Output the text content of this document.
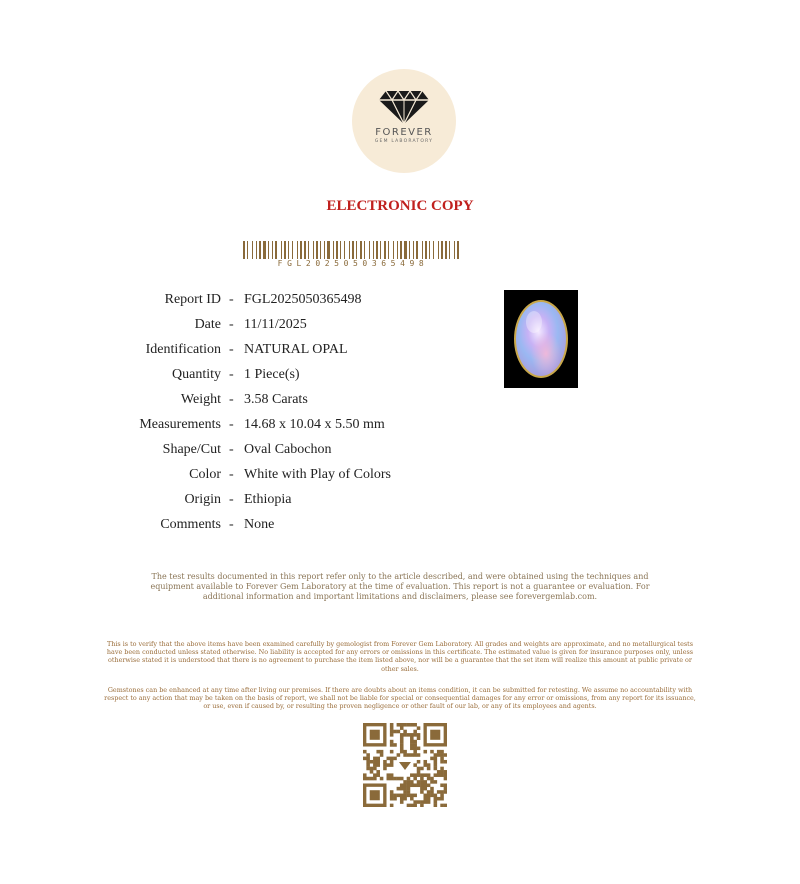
FOREVER
GEM LABORATORY
ELECTRONIC COPY
FGL2025050365498
Report ID - FGL2025050365498
Date - 11/11/2025
Identification - NATURAL OPAL
Quantity - 1 Piece(s)
Weight - 3.58 Carats
Measurements - 14.68 x 10.04 x 5.50 mm
Shape/Cut - Oval Cabochon
Color - White with Play of Colors
Origin - Ethiopia
Comments - None
The test results documented in this report refer only to the article described, and were obtained using the techniques and equipment available to Forever Gem Laboratory at the time of evaluation. This report is not a guarantee or evaluation. For additional information and important limitations and disclaimers, please see forevergemlab.com.
This is to verify that the above items have been examined carefully by gemologist from Forever Gem Laboratory. All grades and weights are approximate, and no metallurgical tests have been conducted unless stated otherwise. No liability is accepted for any errors or omissions in this certificate. The estimated value is given for insurance purposes only, unless otherwise stated it is understood that there is no agreement to purchase the item listed above, nor will be a guarantee that the set item will realize this amount at public private or other sales.
Gemstones can be enhanced at any time after living our premises. If there are doubts about an items condition, it can be submitted for retesting. We assume no accountability with respect to any action that may be taken on the basis of report, we shall not be liable for special or consequential damages for any error or omissions, from any report for its issuance, or use, even if caused by, or resulting the proven negligence or other fault of our lab, or any of its employees and agents.
